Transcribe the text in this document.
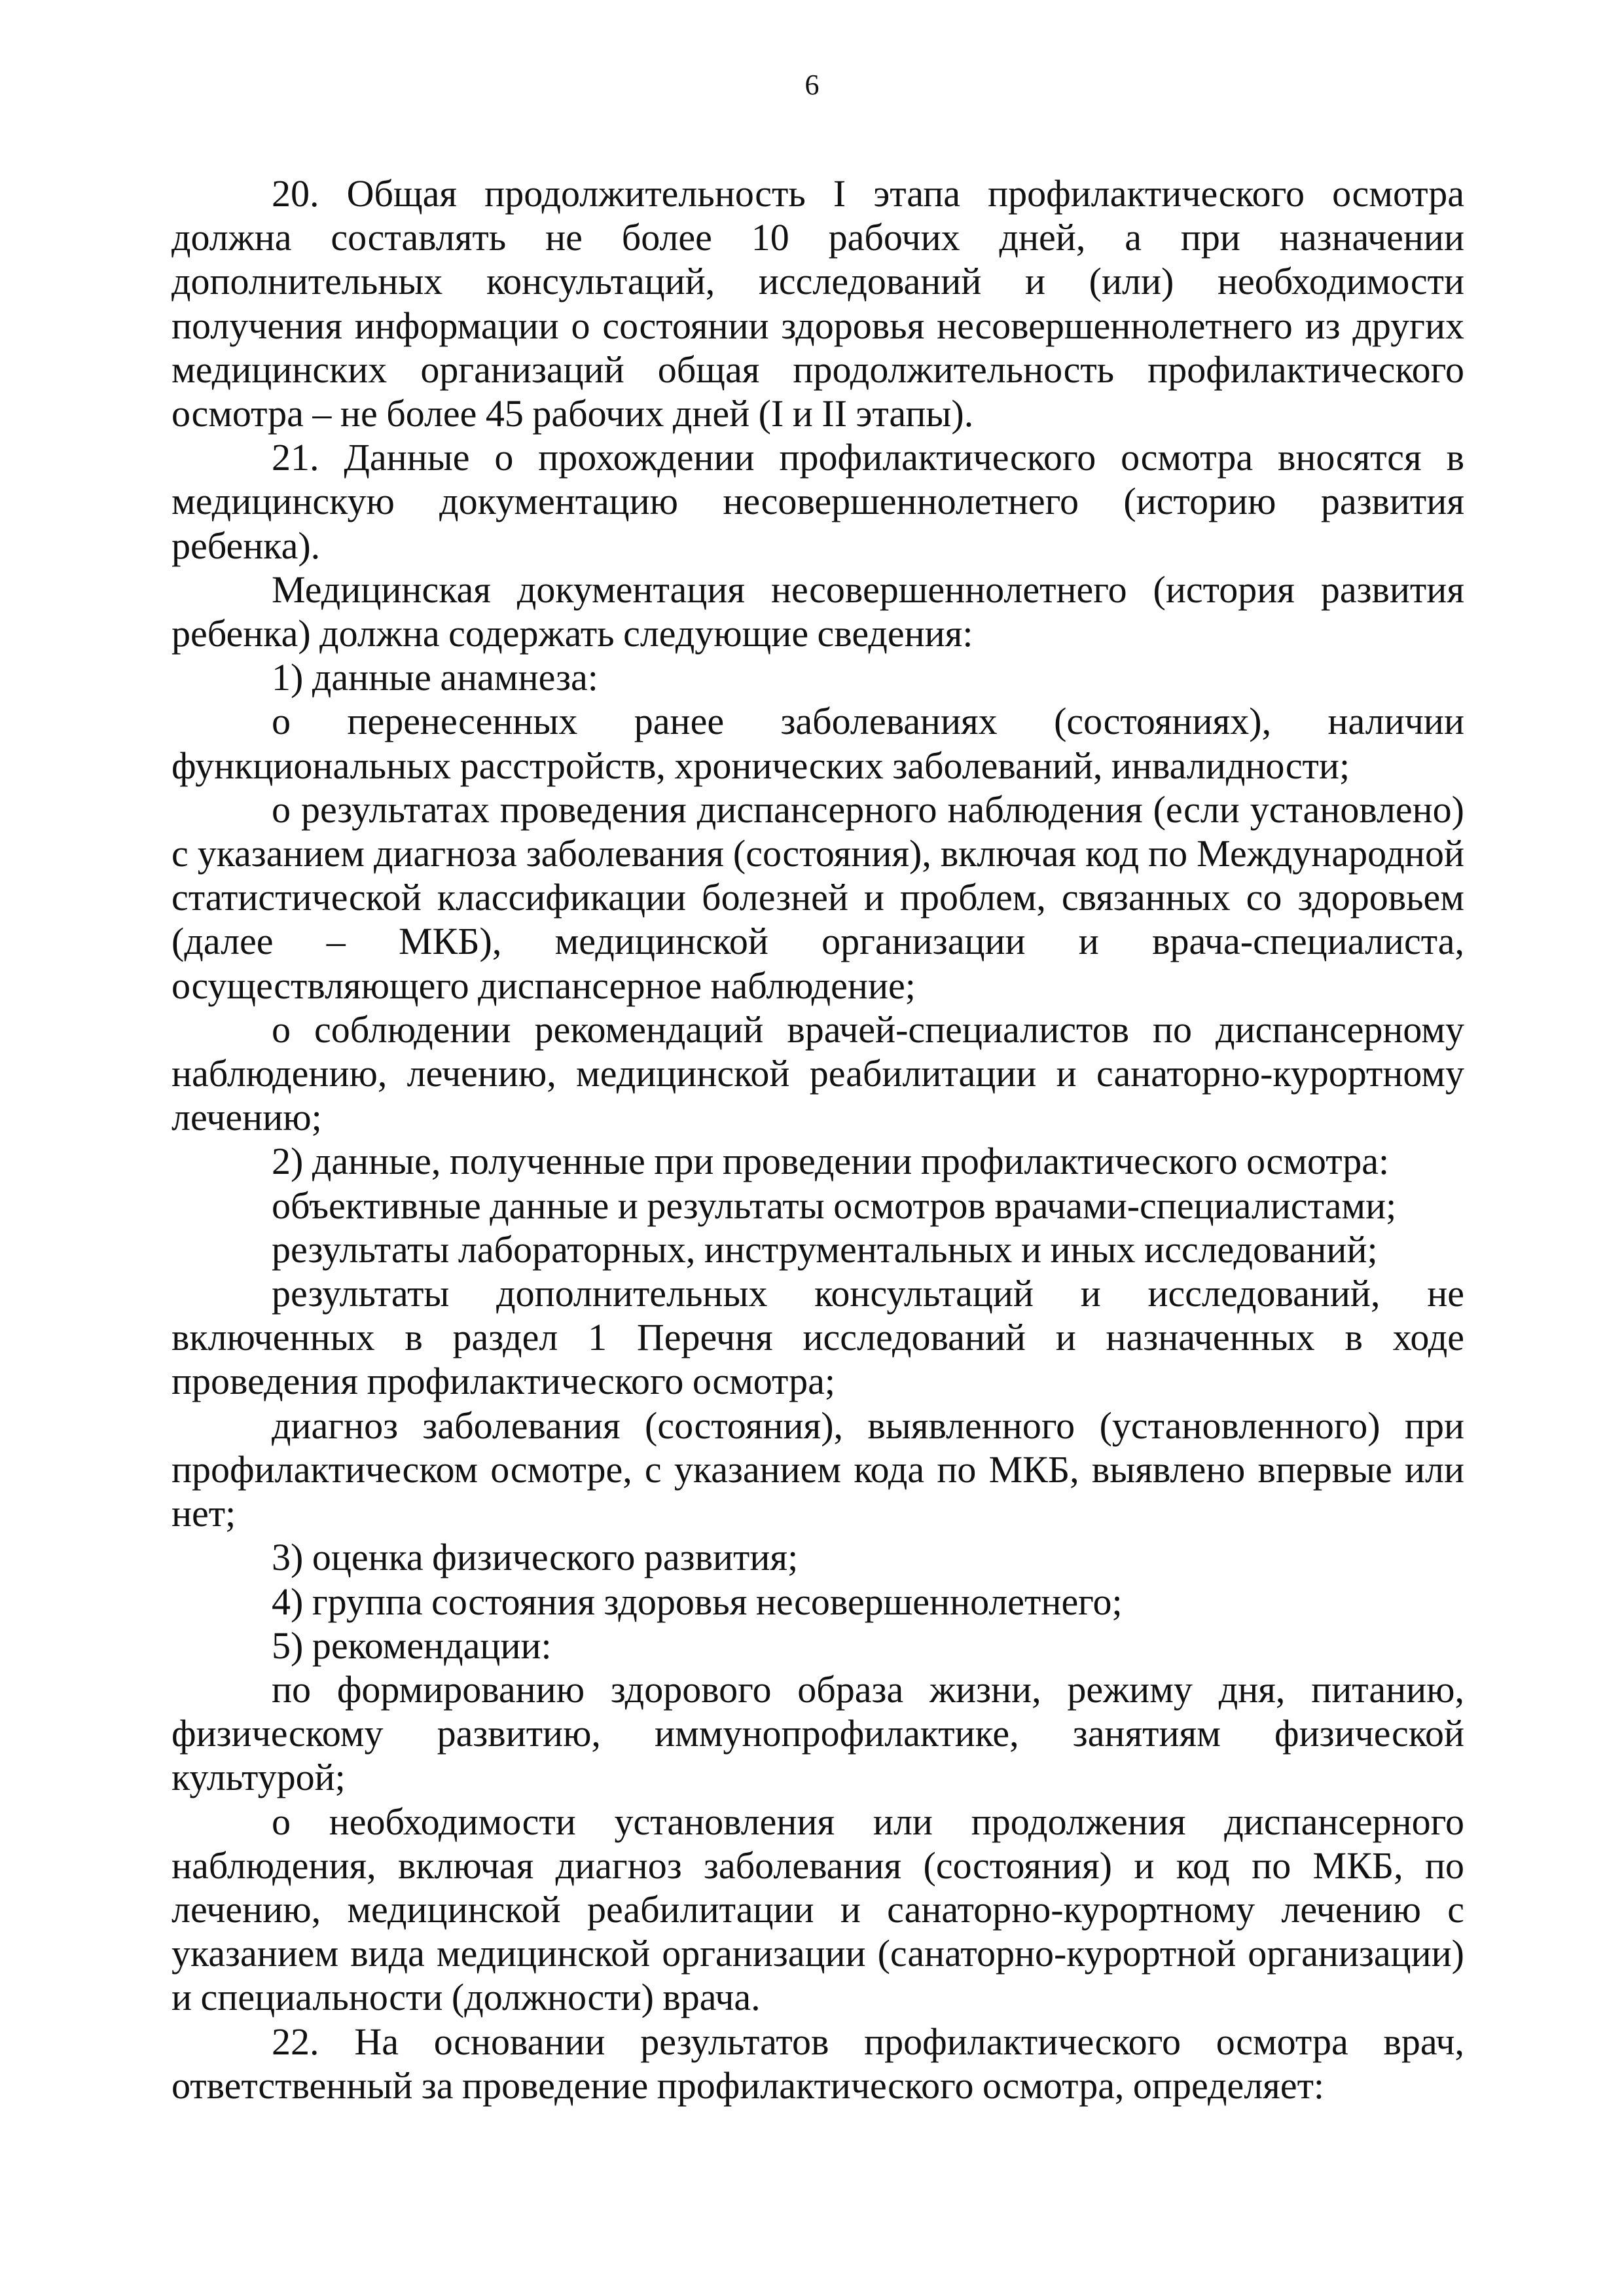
6

20. Общая продолжительность I этапа профилактического осмотра должна составлять не более 10 рабочих дней, а при назначении дополнительных консультаций, исследований и (или) необходимости получения информации о состоянии здоровья несовершеннолетнего из других медицинских организаций общая продолжительность профилактического осмотра – не более 45 рабочих дней (I и II этапы).

21. Данные о прохождении профилактического осмотра вносятся в медицинскую документацию несовершеннолетнего (историю развития ребенка).

Медицинская документация несовершеннолетнего (история развития ребенка) должна содержать следующие сведения:

1) данные анамнеза:

о перенесенных ранее заболеваниях (состояниях), наличии функциональных расстройств, хронических заболеваний, инвалидности;

о результатах проведения диспансерного наблюдения (если установлено) с указанием диагноза заболевания (состояния), включая код по Международной статистической классификации болезней и проблем, связанных со здоровьем (далее – МКБ), медицинской организации и врача-специалиста, осуществляющего диспансерное наблюдение;

о соблюдении рекомендаций врачей-специалистов по диспансерному наблюдению, лечению, медицинской реабилитации и санаторно-курортному лечению;

2) данные, полученные при проведении профилактического осмотра:

объективные данные и результаты осмотров врачами-специалистами;

результаты лабораторных, инструментальных и иных исследований;

результаты дополнительных консультаций и исследований, не включенных в раздел 1 Перечня исследований и назначенных в ходе проведения профилактического осмотра;

диагноз заболевания (состояния), выявленного (установленного) при профилактическом осмотре, с указанием кода по МКБ, выявлено впервые или нет;

3) оценка физического развития;

4) группа состояния здоровья несовершеннолетнего;

5) рекомендации:

по формированию здорового образа жизни, режиму дня, питанию, физическому развитию, иммунопрофилактике, занятиям физической культурой;

о необходимости установления или продолжения диспансерного наблюдения, включая диагноз заболевания (состояния) и код по МКБ, по лечению, медицинской реабилитации и санаторно-курортному лечению с указанием вида медицинской организации (санаторно-курортной организации) и специальности (должности) врача.

22. На основании результатов профилактического осмотра врач, ответственный за проведение профилактического осмотра, определяет:
